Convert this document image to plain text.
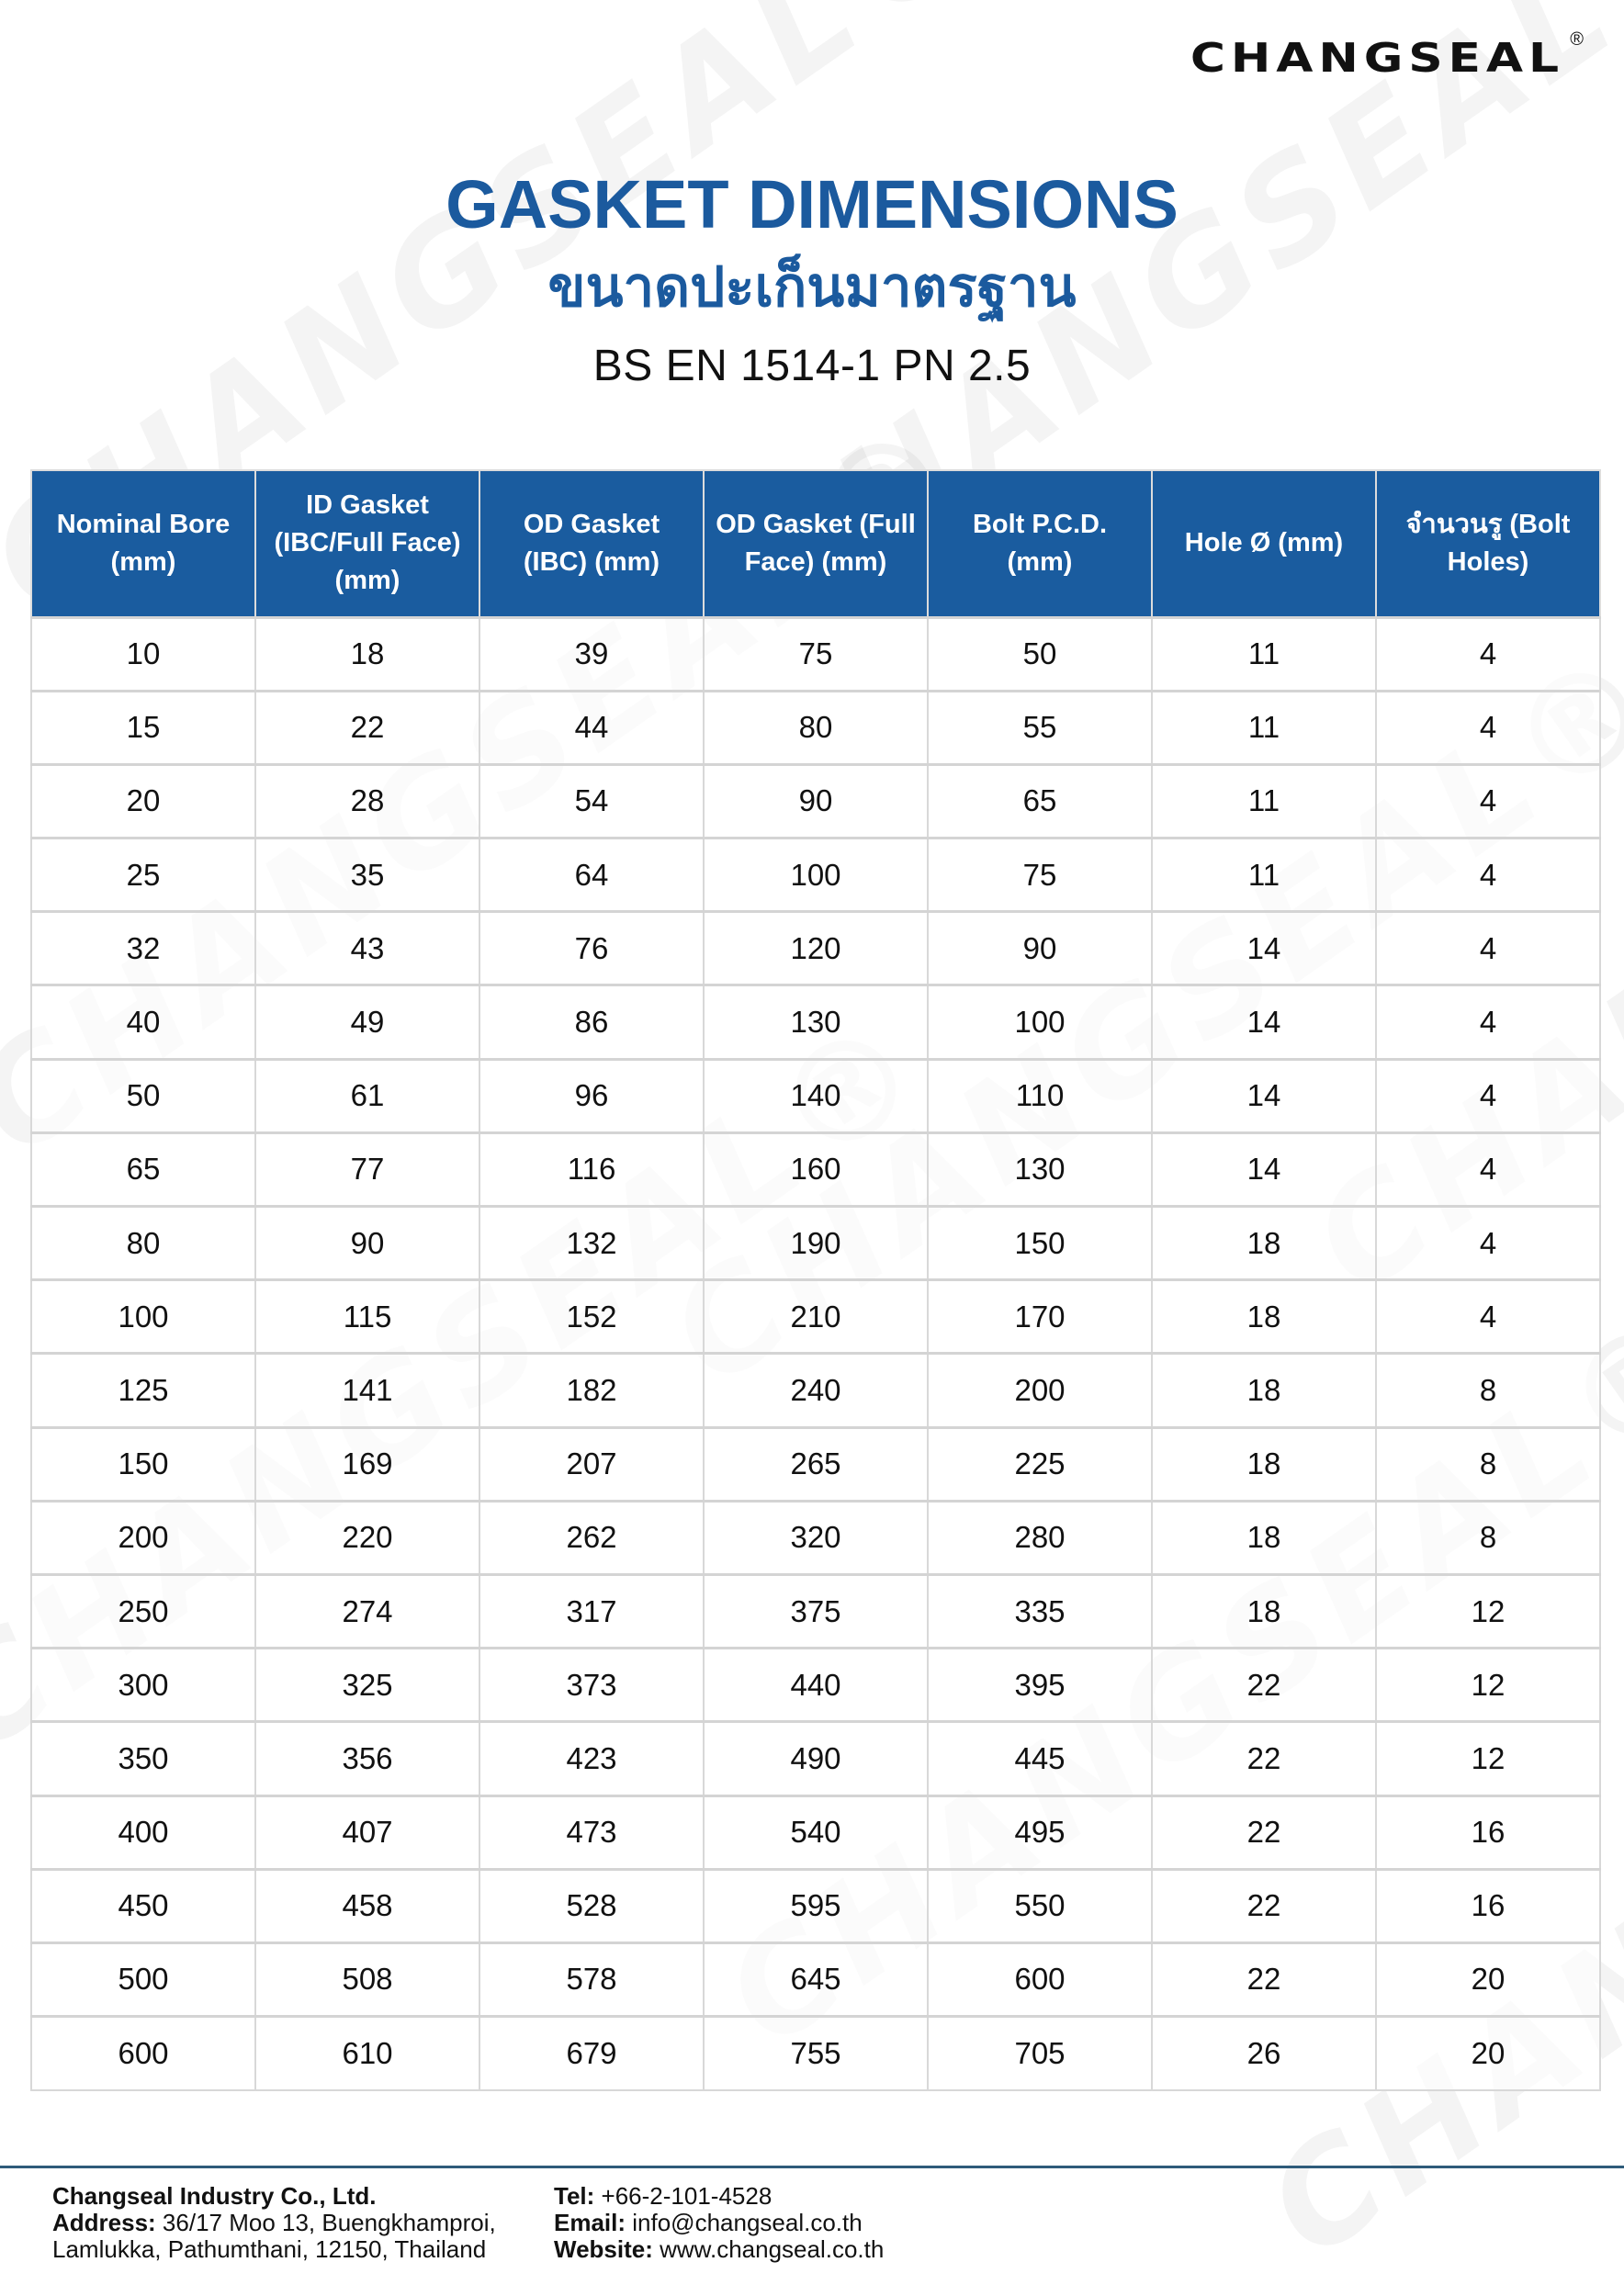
CHANGSEAL ®
GASKET DIMENSIONS
ขนาดปะเก็นมาตรฐาน
BS EN 1514-1 PN 2.5
Nominal Bore (mm)	ID Gasket (IBC/Full Face) (mm)	OD Gasket (IBC) (mm)	OD Gasket (Full Face) (mm)	Bolt P.C.D. (mm)	Hole Ø (mm)	จำนวนรู (Bolt Holes)
10	18	39	75	50	11	4
15	22	44	80	55	11	4
20	28	54	90	65	11	4
25	35	64	100	75	11	4
32	43	76	120	90	14	4
40	49	86	130	100	14	4
50	61	96	140	110	14	4
65	77	116	160	130	14	4
80	90	132	190	150	18	4
100	115	152	210	170	18	4
125	141	182	240	200	18	8
150	169	207	265	225	18	8
200	220	262	320	280	18	8
250	274	317	375	335	18	12
300	325	373	440	395	22	12
350	356	423	490	445	22	12
400	407	473	540	495	22	16
450	458	528	595	550	22	16
500	508	578	645	600	22	20
600	610	679	755	705	26	20
Changseal Industry Co., Ltd.
Address: 36/17 Moo 13, Buengkhamproi,
Lamlukka, Pathumthani, 12150, Thailand
Tel: +66-2-101-4528
Email: info@changseal.co.th
Website: www.changseal.co.th
